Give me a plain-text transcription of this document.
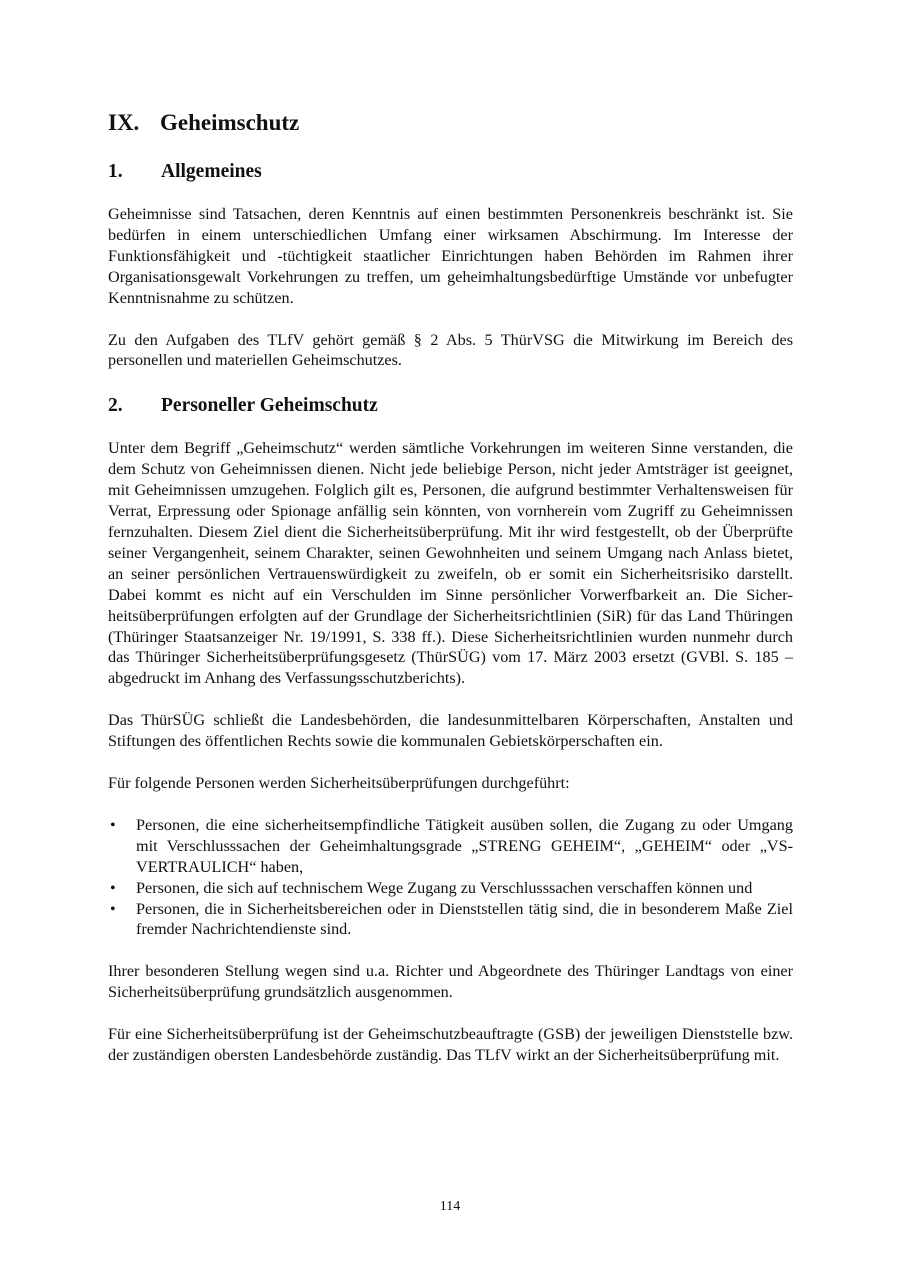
IX. Geheimschutz
1.	Allgemeines

Geheimnisse sind Tatsachen, deren Kenntnis auf einen bestimmten Personenkreis beschränkt ist. Sie bedürfen in einem unterschiedlichen Umfang einer wirksamen Abschirmung. Im Interesse der Funktionsfähigkeit und -tüchtigkeit staatlicher Einrichtungen haben Behörden im Rahmen ihrer Organisationsgewalt Vorkehrungen zu treffen, um geheimhaltungsbedürftige Umstände vor unbefugter Kenntnisnahme zu schützen.

Zu den Aufgaben des TLfV gehört gemäß § 2 Abs. 5 ThürVSG die Mitwirkung im Bereich des personellen und materiellen Geheimschutzes.

2.	Personeller Geheimschutz

Unter dem Begriff „Geheimschutz“ werden sämtliche Vorkehrungen im weiteren Sinne verstanden, die dem Schutz von Geheimnissen dienen. Nicht jede beliebige Person, nicht jeder Amtsträger ist geeignet, mit Geheimnissen umzugehen. Folglich gilt es, Personen, die aufgrund bestimmter Verhaltensweisen für Verrat, Erpressung oder Spionage anfällig sein könnten, von vornherein vom Zugriff zu Geheimnissen fernzuhalten. Diesem Ziel dient die Sicherheitsüberprüfung. Mit ihr wird festgestellt, ob der Überprüfte seiner Vergangenheit, seinem Charakter, seinen Gewohnheiten und seinem Umgang nach Anlass bietet, an seiner persönlichen Vertrauenswürdigkeit zu zweifeln, ob er somit ein Sicherheitsrisiko darstellt. Dabei kommt es nicht auf ein Verschulden im Sinne persönlicher Vorwerfbarkeit an. Die Sicherheitsüberprüfungen erfolgten auf der Grundlage der Sicherheitsrichtlinien (SiR) für das Land Thüringen (Thüringer Staatsanzeiger Nr. 19/1991, S. 338 ff.). Diese Sicherheitsrichtlinien wurden nunmehr durch das Thüringer Sicherheitsüberprüfungsgesetz (ThürSÜG) vom 17. März 2003 ersetzt (GVBl. S. 185 – abgedruckt im Anhang des Verfassungsschutzberichts).

Das ThürSÜG schließt die Landesbehörden, die landesunmittelbaren Körperschaften, Anstalten und Stiftungen des öffentlichen Rechts sowie die kommunalen Gebietskörperschaften ein.

Für folgende Personen werden Sicherheitsüberprüfungen durchgeführt:

• Personen, die eine sicherheitsempfindliche Tätigkeit ausüben sollen, die Zugang zu oder Umgang mit Verschlusssachen der Geheimhaltungsgrade „STRENG GEHEIM“, „GEHEIM“ oder „VS-VERTRAULICH“ haben,
• Personen, die sich auf technischem Wege Zugang zu Verschlusssachen verschaffen können und
• Personen, die in Sicherheitsbereichen oder in Dienststellen tätig sind, die in besonderem Maße Ziel fremder Nachrichtendienste sind.

Ihrer besonderen Stellung wegen sind u.a. Richter und Abgeordnete des Thüringer Landtags von einer Sicherheitsüberprüfung grundsätzlich ausgenommen.

Für eine Sicherheitsüberprüfung ist der Geheimschutzbeauftragte (GSB) der jeweiligen Dienststelle bzw. der zuständigen obersten Landesbehörde zuständig. Das TLfV wirkt an der Sicherheitsüberprüfung mit.

114
